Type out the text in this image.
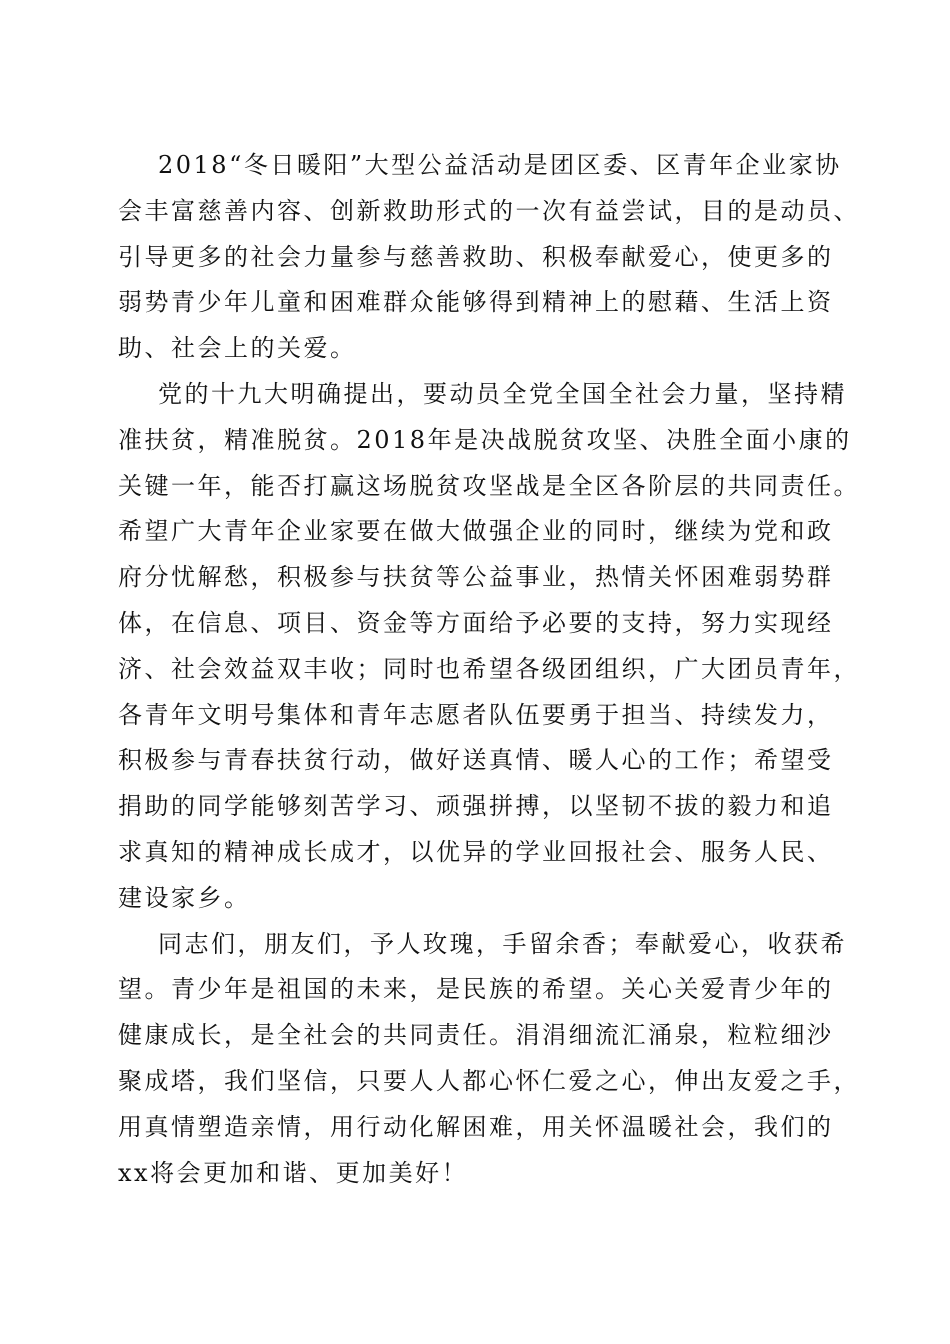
2018“冬日暖阳”大型公益活动是团区委、区青年企业家协
会丰富慈善内容、创新救助形式的一次有益尝试，目的是动员、
引导更多的社会力量参与慈善救助、积极奉献爱心，使更多的
弱势青少年儿童和困难群众能够得到精神上的慰藉、生活上资
助、社会上的关爱。
党的十九大明确提出，要动员全党全国全社会力量，坚持精
准扶贫，精准脱贫。2018年是决战脱贫攻坚、决胜全面小康的
关键一年，能否打赢这场脱贫攻坚战是全区各阶层的共同责任。
希望广大青年企业家要在做大做强企业的同时，继续为党和政
府分忧解愁，积极参与扶贫等公益事业，热情关怀困难弱势群
体，在信息、项目、资金等方面给予必要的支持，努力实现经
济、社会效益双丰收；同时也希望各级团组织，广大团员青年，
各青年文明号集体和青年志愿者队伍要勇于担当、持续发力，
积极参与青春扶贫行动，做好送真情、暖人心的工作；希望受
捐助的同学能够刻苦学习、顽强拼搏，以坚韧不拔的毅力和追
求真知的精神成长成才，以优异的学业回报社会、服务人民、
建设家乡。
同志们，朋友们，予人玫瑰，手留余香；奉献爱心，收获希
望。青少年是祖国的未来，是民族的希望。关心关爱青少年的
健康成长，是全社会的共同责任。涓涓细流汇涌泉，粒粒细沙
聚成塔，我们坚信，只要人人都心怀仁爱之心，伸出友爱之手，
用真情塑造亲情，用行动化解困难，用关怀温暖社会，我们的
xx将会更加和谐、更加美好！
